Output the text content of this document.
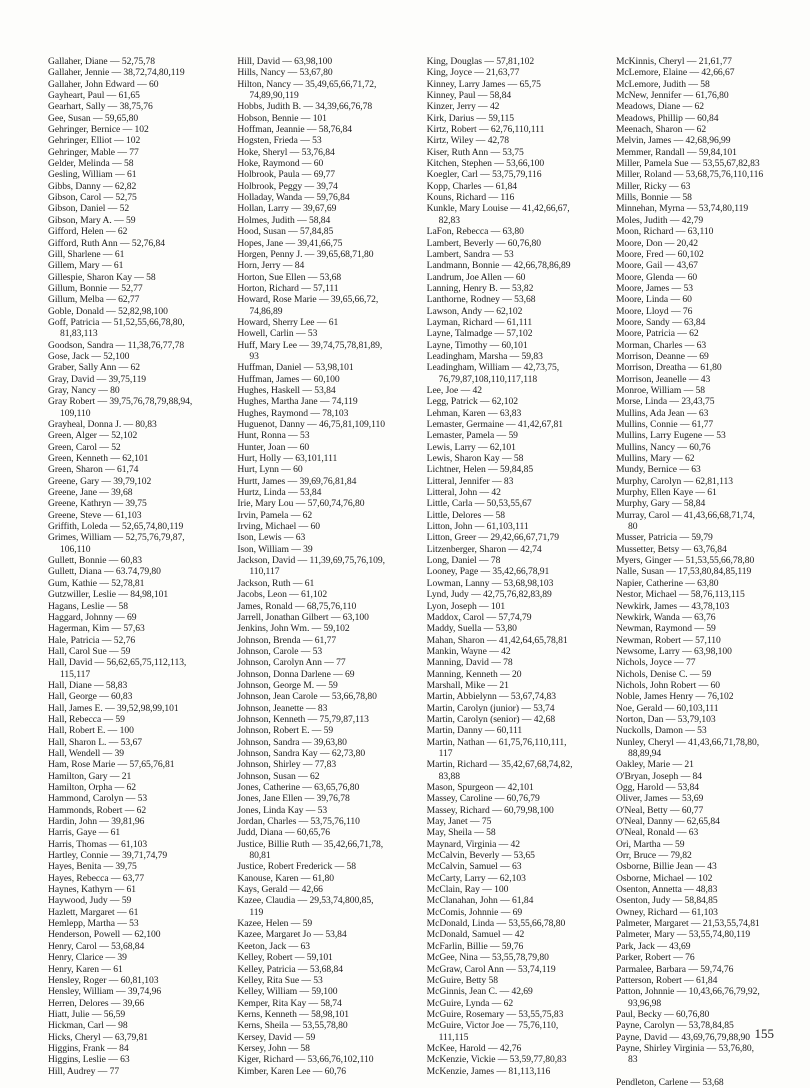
Gallaher, Diane — 52,75,78
Gallaher, Jennie — 38,72,74,80,119
Gallaher, John Edward — 60
Gayheart, Paul — 61,65
Gearhart, Sally — 38,75,76
Gee, Susan — 59,65,80
Gehringer, Bernice — 102
Gehringer, Elliot — 102
Gehringer, Mable — 77
Gelder, Melinda — 58
Gesling, William — 61
Gibbs, Danny — 62,82
Gibson, Carol — 52,75
Gibson, Daniel — 52
Gibson, Mary A. — 59
Gifford, Helen — 62
Gifford, Ruth Ann — 52,76,84
Gill, Sharlene — 61
Gillem, Mary — 61
Gillespie, Sharon Kay — 58
Gillum, Bonnie — 52,77
Gillum, Melba — 62,77
Goble, Donald — 52,82,98,100
Goff, Patricia — 51,52,55,66,78,80,
81,83,113
Goodson, Sandra — 11,38,76,77,78
Gose, Jack — 52,100
Graber, Sally Ann — 62
Gray, David — 39,75,119
Gray, Nancy — 80
Gray Robert — 39,75,76,78,79,88,94,
109,110
Grayheal, Donna J. — 80,83
Green, Alger — 52,102
Green, Carol — 52
Green, Kenneth — 62,101
Green, Sharon — 61,74
Greene, Gary — 39,79,102
Greene, Jane — 39,68
Greene, Kathryn — 39,75
Greene, Steve — 61,103
Griffith, Loleda — 52,65,74,80,119
Grimes, William — 52,75,76,79,87,
106,110
Gullett, Bonnie — 60,83
Gullett, Diana — 63.74,79,80
Gum, Kathie — 52,78,81
Gutzwiller, Leslie — 84,98,101
Hagans, Leslie — 58
Haggard, Johnny — 69
Hagerman, Kim — 57,63
Hale, Patricia — 52,76
Hall, Carol Sue — 59
Hall, David — 56,62,65,75,112,113,
115,117
Hall, Diane — 58,83
Hall, George — 60,83
Hall, James E. — 39,52,98,99,101
Hall, Rebecca — 59
Hall, Robert E. — 100
Hall, Sharon L. — 53,67
Hall, Wendell — 39
Ham, Rose Marie — 57,65,76,81
Hamilton, Gary — 21
Hamilton, Orpha — 62
Hammond, Carolyn — 53
Hammonds, Robert — 62
Hardin, John — 39,81,96
Harris, Gaye — 61
Harris, Thomas — 61,103
Hartley, Connie — 39,71,74,79
Hayes, Benita — 39,75
Hayes, Rebecca — 63,77
Haynes, Kathyrn — 61
Haywood, Judy — 59
Hazlett, Margaret — 61
Hemlepp, Martha — 53
Henderson, Powell — 62,100
Henry, Carol — 53,68,84
Henry, Clarice — 39
Henry, Karen — 61
Hensley, Roger — 60,81,103
Hensley, William — 39,74,96
Herren, Delores — 39,66
Hiatt, Julie — 56,59
Hickman, Carl — 98
Hicks, Cheryl — 63,79,81
Higgins, Frank — 84
Higgins, Leslie — 63
Hill, Audrey — 77
Hill, David — 63,98,100
Hills, Nancy — 53,67,80
Hilton, Nancy — 35,49,65,66,71,72,
74,89,90,119
Hobbs, Judith B. — 34,39,66,76,78
Hobson, Bennie — 101
Hoffman, Jeannie — 58,76,84
Hogsten, Frieda — 53
Hoke, Sheryl — 53,76,84
Hoke, Raymond — 60
Holbrook, Paula — 69,77
Holbrook, Peggy — 39,74
Holladay, Wanda — 59,76,84
Hollan, Larry — 39,67,69
Holmes, Judith — 58,84
Hood, Susan — 57,84,85
Hopes, Jane — 39,41,66,75
Horgen, Penny J. — 39,65,68,71,80
Horn, Jerry — 84
Horton, Sue Ellen — 53,68
Horton, Richard — 57,111
Howard, Rose Marie — 39,65,66,72,
74,86,89
Howard, Sherry Lee — 61
Howell, Carlin — 53
Huff, Mary Lee — 39,74,75,78,81,89,
93
Huffman, Daniel — 53,98,101
Huffman, James — 60,100
Hughes, Haskell — 53,84
Hughes, Martha Jane — 74,119
Hughes, Raymond — 78,103
Huguenot, Danny — 46,75,81,109,110
Hunt, Ronna — 53
Hunter, Joan — 60
Hurt, Holly — 63,101,111
Hurt, Lynn — 60
Hurtt, James — 39,69,76,81,84
Hurtz, Linda — 53,84
Irie, Mary Lou — 57,60,74,76,80
Irvin, Pamela — 62
Irving, Michael — 60
Ison, Lewis — 63
Ison, William — 39
Jackson, David — 11,39,69,75,76,109,
110,117
Jackson, Ruth — 61
Jacobs, Leon — 61,102
James, Ronald — 68,75,76,110
Jarrell, Jonathan Gilbert — 63,100
Jenkins, John Wm. — 59,102
Johnson, Brenda — 61,77
Johnson, Carole — 53
Johnson, Carolyn Ann — 77
Johnson, Donna Darlene — 69
Johnson, George M. — 59
Johnson, Jean Carole — 53,66,78,80
Johnson, Jeanette — 83
Johnson, Kenneth — 75,79,87,113
Johnson, Robert E. — 59
Johnson, Sandra — 39,63,80
Johnson, Sandra Kay — 62,73,80
Johnson, Shirley — 77,83
Johnson, Susan — 62
Jones, Catherine — 63,65,76,80
Jones, Jane Ellen — 39,76,78
Jones, Linda Kay — 53
Jordan, Charles — 53,75,76,110
Judd, Diana — 60,65,76
Justice, Billie Ruth — 35,42,66,71,78,
80,81
Justice, Robert Frederick — 58
Kanouse, Karen — 61,80
Kays, Gerald — 42,66
Kazee, Claudia — 29,53,74,800,85,
119
Kazee, Helen — 59
Kazee, Margaret Jo — 53,84
Keeton, Jack — 63
Kelley, Robert — 59,101
Kelley, Patricia — 53,68,84
Kelley, Rita Sue — 53
Kelley, William — 59,100
Kemper, Rita Kay — 58,74
Kerns, Kenneth — 58,98,101
Kerns, Sheila — 53,55,78,80
Kersey, David — 59
Kersey, John — 58
Kiger, Richard — 53,66,76,102,110
Kimber, Karen Lee — 60,76
King, Douglas — 57,81,102
King, Joyce — 21,63,77
Kinney, Larry James — 65,75
Kinney, Paul — 58,84
Kinzer, Jerry — 42
Kirk, Darius — 59,115
Kirtz, Robert — 62,76,110,111
Kirtz, Wiley — 42,78
Kiser, Ruth Ann — 53,75
Kitchen, Stephen — 53,66,100
Koegler, Carl — 53,75,79,116
Kopp, Charles — 61,84
Kouns, Richard — 116
Kunkle, Mary Louise — 41,42,66,67,
82,83
LaFon, Rebecca — 63,80
Lambert, Beverly — 60,76,80
Lambert, Sandra — 53
Landmann, Bonnie — 42,66,78,86,89
Landrum, Joe Allen — 60
Lanning, Henry B. — 53,82
Lanthorne, Rodney — 53,68
Lawson, Andy — 62,102
Layman, Richard — 61,111
Layne, Talmadge — 57,102
Layne, Timothy — 60,101
Leadingham, Marsha — 59,83
Leadingham, William — 42,73,75,
76,79,87,108,110,117,118
Lee, Joe — 42
Legg, Patrick — 62,102
Lehman, Karen — 63,83
Lemaster, Germaine — 41,42,67,81
Lemaster, Pamela — 59
Lewis, Larry — 62,101
Lewis, Sharon Kay — 58
Lichtner, Helen — 59,84,85
Litteral, Jennifer — 83
Litteral, John — 42
Little, Carla — 50,53,55,67
Little, Delores — 58
Litton, John — 61,103,111
Litton, Greer — 29,42,66,67,71,79
Litzenberger, Sharon — 42,74
Long, Daniel — 78
Looney, Page — 35,42,66,78,91
Lowman, Lanny — 53,68,98,103
Lynd, Judy — 42,75,76,82,83,89
Lyon, Joseph — 101
Maddox, Carol — 57,74,79
Maddy, Suella — 53,80
Mahan, Sharon — 41,42,64,65,78,81
Mankin, Wayne — 42
Manning, David — 78
Manning, Kenneth — 20
Marshall, Mike — 21
Martin, Abbielynn — 53,67,74,83
Martin, Carolyn (junior) — 53,74
Martin, Carolyn (senior) — 42,68
Martin, Danny — 60,111
Martin, Nathan — 61,75,76,110,111,
117
Martin, Richard — 35,42,67,68,74,82,
83,88
Mason, Spurgeon — 42,101
Massey, Caroline — 60,76,79
Massey, Richard — 60,79,98,100
May, Janet — 75
May, Sheila — 58
Maynard, Virginia — 42
McCalvin, Beverly — 53,65
McCalvin, Samuel — 63
McCarty, Larry — 62,103
McClain, Ray — 100
McClanahan, John — 61,84
McComis, Johnnie — 69
McDonald, Linda — 53,55,66,78,80
McDonald, Samuel — 42
McFarlin, Billie — 59,76
McGee, Nina — 53,55,78,79,80
McGraw, Carol Ann — 53,74,119
McGuire, Betty 58
McGinnis, Jean C. — 42,69
McGuire, Lynda — 62
McGuire, Rosemary — 53,55,75,83
McGuire, Victor Joe — 75,76,110,
111,115
McKee, Harold — 42,76
McKenzie, Vickie — 53,59,77,80,83
McKenzie, James — 81,113,116
McKinnis, Cheryl — 21,61,77
McLemore, Elaine — 42,66,67
McLemore, Judith — 58
McNew, Jennifer — 61,76,80
Meadows, Diane — 62
Meadows, Phillip — 60,84
Meenach, Sharon — 62
Melvin, James — 42,68,96,99
Memmer, Randall — 59,84,101
Miller, Pamela Sue — 53,55,67,82,83
Miller, Roland — 53,68,75,76,110,116
Miller, Ricky — 63
Mills, Bonnie — 58
Minnehan, Myrna — 53,74,80,119
Moles, Judith — 42,79
Moon, Richard — 63,110
Moore, Don — 20,42
Moore, Fred — 60,102
Moore, Gail — 43,67
Moore, Glenda — 60
Moore, James — 53
Moore, Linda — 60
Moore, Lloyd — 76
Moore, Sandy — 63,84
Moore, Patricia — 62
Morman, Charles — 63
Morrison, Deanne — 69
Morrison, Dreatha — 61,80
Morrison, Jeanelle — 43
Monroe, William — 58
Morse, Linda — 23,43,75
Mullins, Ada Jean — 63
Mullins, Connie — 61,77
Mullins, Larry Eugene — 53
Mullins, Nancy — 60,76
Mullins, Mary — 62
Mundy, Bernice — 63
Murphy, Carolyn — 62,81,113
Murphy, Ellen Kaye — 61
Murphy, Gary — 58,84
Murray, Carol — 41,43,66,68,71,74,
80
Musser, Patricia — 59,79
Mussetter, Betsy — 63,76,84
Myers, Ginger — 51,53,55,66,78,80
Nalle, Susan — 17,53,80,84,85,119
Napier, Catherine — 63,80
Nestor, Michael — 58,76,113,115
Newkirk, James — 43,78,103
Newkirk, Wanda — 63,76
Newman, Raymond — 59
Newman, Robert — 57,110
Newsome, Larry — 63,98,100
Nichols, Joyce — 77
Nichols, Denise C. — 59
Nichols, John Robert — 60
Noble, James Henry — 76,102
Noe, Gerald — 60,103,111
Norton, Dan — 53,79,103
Nuckolls, Damon — 53
Nunley, Cheryl — 41,43,66,71,78,80,
88,89,94
Oakley, Marie — 21
O'Bryan, Joseph — 84
Ogg, Harold — 53,84
Oliver, James — 53,69
O'Neal, Betty — 60,77
O'Neal, Danny — 62,65,84
O'Neal, Ronald — 63
Ori, Martha — 59
Orr, Bruce — 79,82
Osborne, Billie Jean — 43
Osborne, Michael — 102
Osenton, Annetta — 48,83
Osenton, Judy — 58,84,85
Owney, Richard — 61,103
Palmeter, Margaret — 21,53,55,74,81
Palmeter, Mary — 53,55,74,80,119
Park, Jack — 43,69
Parker, Robert — 76
Parmalee, Barbara — 59,74,76
Patterson, Robert — 61,84
Patton, Johnnie — 10,43,66,76,79,92,
93,96,98
Paul, Becky — 60,76,80
Payne, Carolyn — 53,78,84,85
Payne, David — 43,69,76,79,88,90
Payne, Shirley Virginia — 53,76,80,
83

Pendleton, Carlene — 53,68
155
